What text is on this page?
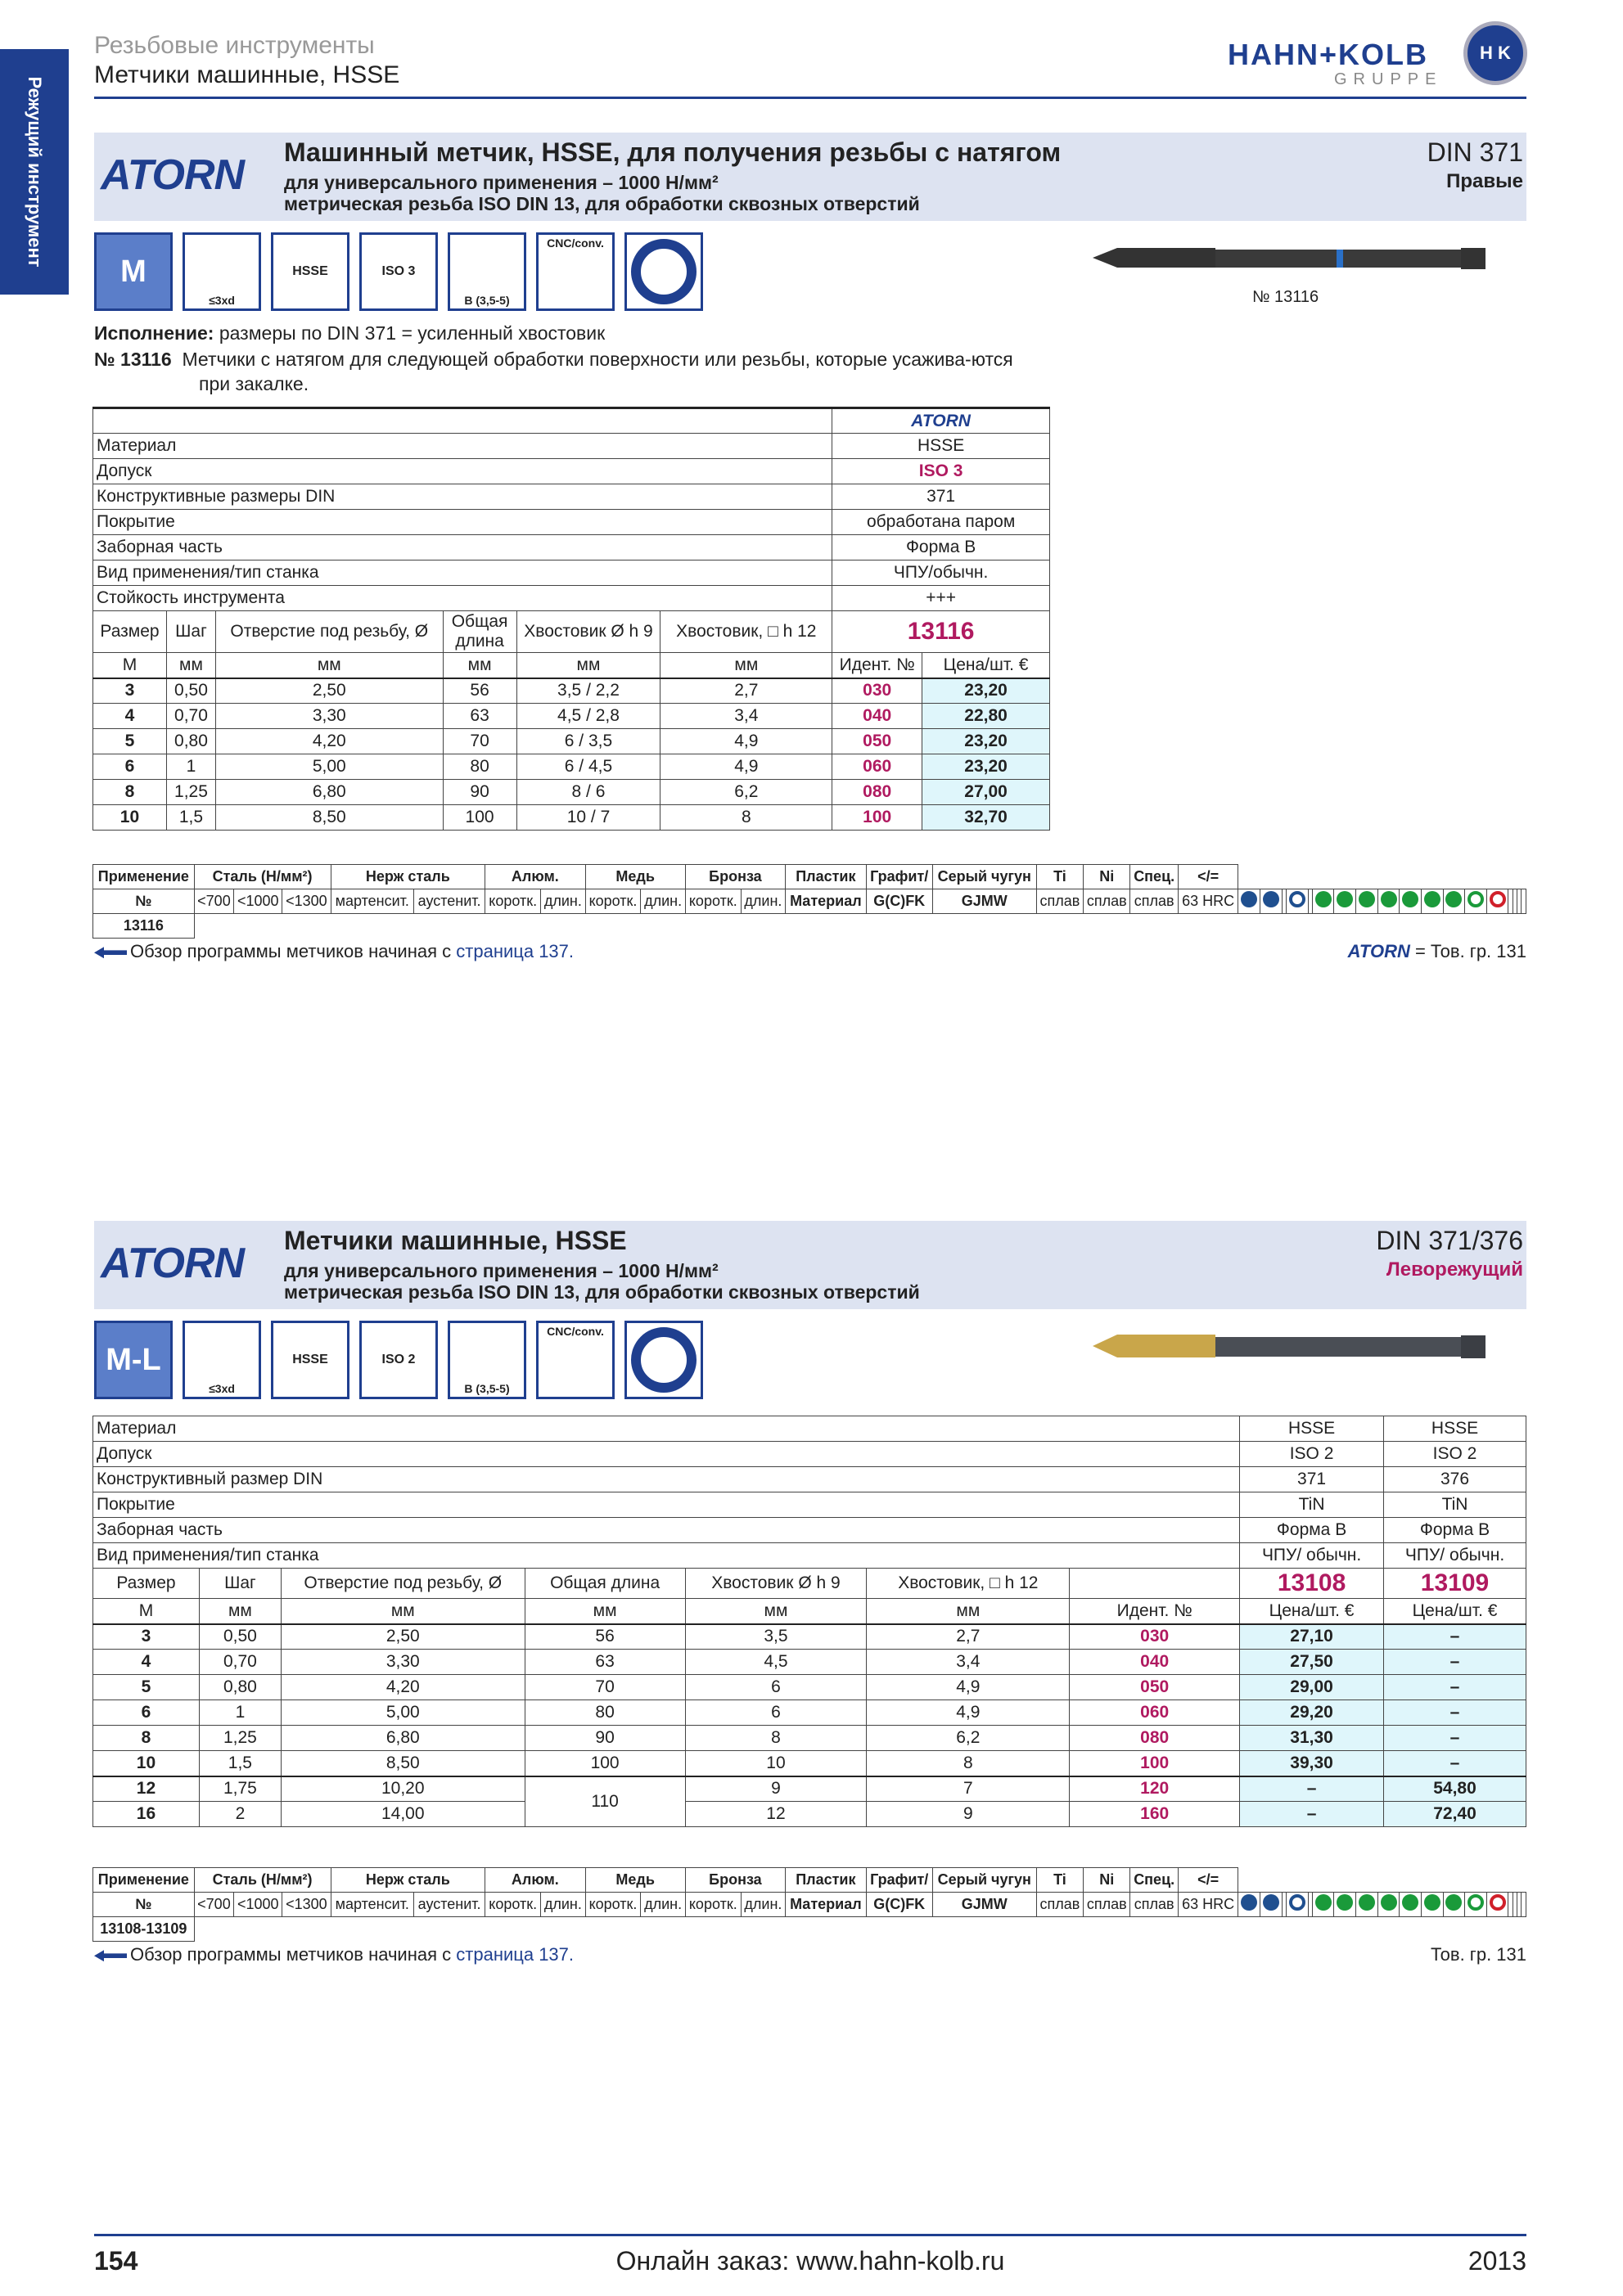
Режущий инструмент
Резьбовые инструменты
Метчики машинные, HSSE
HAHN+KOLB
GRUPPE
H K
ATORN Машинный метчик, HSSE, для получения резьбы с натягом
для универсального применения – 1000 Н/мм²
метрическая резьба ISO DIN 13, для обработки сквозных отверстий
DIN 371
Правые
M
≤3xd
HSSE	ISO 3
B (3,5-5)
CNC/conv.
№ 13116
Исполнение: размеры по DIN 371 = усиленный хвостовик
№ 13116 Метчики с натягом для следующей обработки поверхности или резьбы, которые усажива-ются при закалке.
						ATORN	
Материал						HSSE	
Допуск						ISO 3	
Конструктивные размеры DIN						371	
Покрытие						обработана паром	
Заборная часть						Форма B	
Вид применения/тип станка						ЧПУ/обычн.	
Стойкость инструмента						+++	
Размер	Шаг	Отверстие под резьбу, Ø	Общая длина	Хвостовик Ø h 9	Хвостовик, □ h 12	13116	
M	мм	мм	мм	мм	мм	Идент. №	Цена/шт. €
3	0,50	2,50	56	3,5 / 2,2	2,7	030	23,20
4	0,70	3,30	63	4,5 / 2,8	3,4	040	22,80
5	0,80	4,20	70	6 / 3,5	4,9	050	23,20
6	1	5,00	80	6 / 4,5	4,9	060	23,20
8	1,25	6,80	90	8 / 6	6,2	080	27,00
10	1,5	8,50	100	10 / 7	8	100	32,70
Применение	Сталь (Н/мм²)			Нерж сталь		Алюм.		Медь		Бронза		Пластик	Графит/	Серый чугун	Ti	Ni	Спец.	</=																		
№	<700	<1000	<1300	мартенсит.	аустенит.	коротк.	длин.	коротк.	длин.	коротк.	длин.	Материал	G(C)FK	GJMW	сплав	сплав	сплав	63 HRC																		
13116																																				
Обзор программы метчиков начиная с страница 137.	ATORN = Тов. гр. 131
ATORN Метчики машинные, HSSE
для универсального применения – 1000 Н/мм²
метрическая резьба ISO DIN 13, для обработки сквозных отверстий
DIN 371/376
Леворежущий
M-L
≤3xd
HSSE	ISO 2
B (3,5-5)
CNC/conv.
Материал							HSSE	HSSE
Допуск							ISO 2	ISO 2
Конструктивный размер DIN							371	376
Покрытие							TiN	TiN
Заборная часть							Форма B	Форма B
Вид применения/тип станка							ЧПУ/ обычн.	ЧПУ/ обычн.
Размер	Шаг	Отверстие под резьбу, Ø	Общая длина	Хвостовик Ø h 9	Хвостовик, □ h 12		13108	13109
M	мм	мм	мм	мм	мм	Идент. №	Цена/шт. €	Цена/шт. €
3	0,50	2,50	56	3,5	2,7	030	27,10	–
4	0,70	3,30	63	4,5	3,4	040	27,50	–
5	0,80	4,20	70	6	4,9	050	29,00	–
6	1	5,00	80	6	4,9	060	29,20	–
8	1,25	6,80	90	8	6,2	080	31,30	–
10	1,5	8,50	100	10	8	100	39,30	–
12	1,75	10,20	110	9	7	120	–	54,80
16	2	14,00		12	9	160	–	72,40
Применение	Сталь (Н/мм²)			Нерж сталь		Алюм.		Медь		Бронза		Пластик	Графит/	Серый чугун	Ti	Ni	Спец.	</=																		
№	<700	<1000	<1300	мартенсит.	аустенит.	коротк.	длин.	коротк.	длин.	коротк.	длин.	Материал	G(C)FK	GJMW	сплав	сплав	сплав	63 HRC																		
13108-13109																																				
Обзор программы метчиков начиная с страница 137.	Тов. гр. 131
154	Онлайн заказ: www.hahn-kolb.ru	2013
